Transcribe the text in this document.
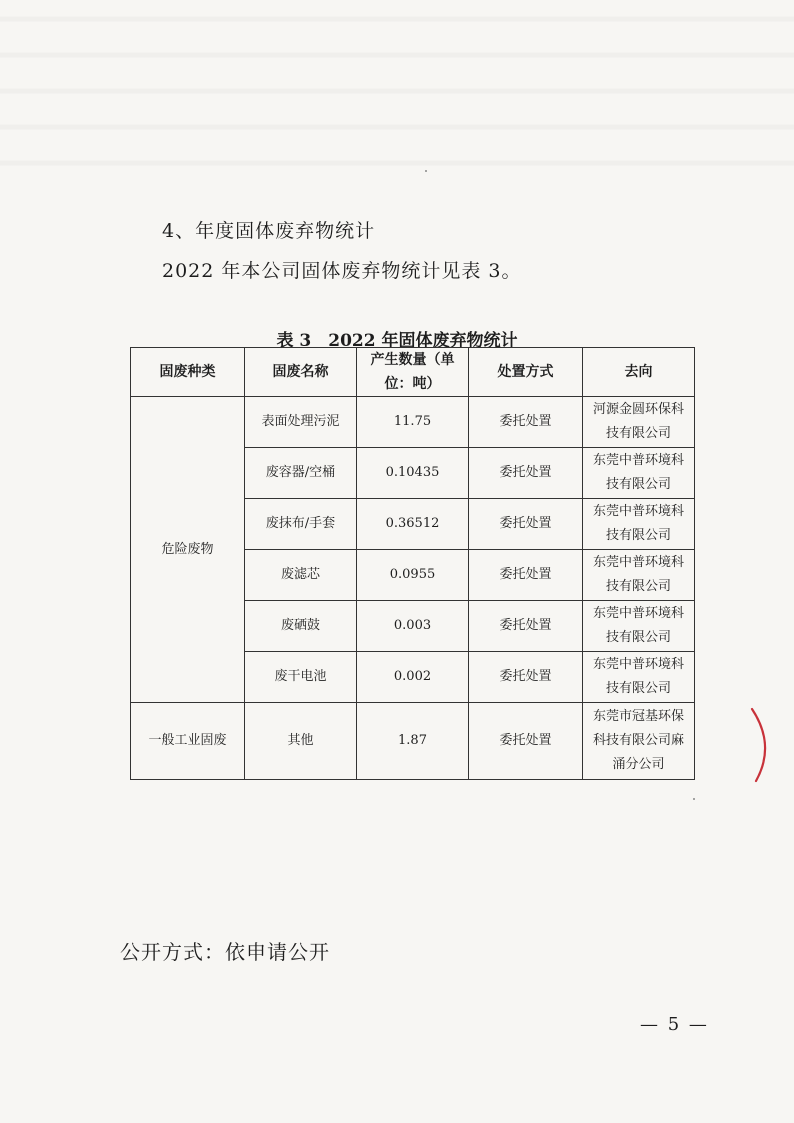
4、年度固体废弃物统计
2022 年本公司固体废弃物统计见表 3。
表 3　2022 年固体废弃物统计
固废种类	固废名称	产生数量（单位：吨）	处置方式	去向
危险废物	表面处理污泥	11.75	委托处置	河源金圆环保科技有限公司
	废容器/空桶	0.10435	委托处置	东莞中普环境科技有限公司
	废抹布/手套	0.36512	委托处置	东莞中普环境科技有限公司
	废滤芯	0.0955	委托处置	东莞中普环境科技有限公司
	废硒鼓	0.003	委托处置	东莞中普环境科技有限公司
	废干电池	0.002	委托处置	东莞中普环境科技有限公司
一般工业固废	其他	1.87	委托处置	东莞市冠基环保科技有限公司麻涌分公司
公开方式：依申请公开
— 5 —
